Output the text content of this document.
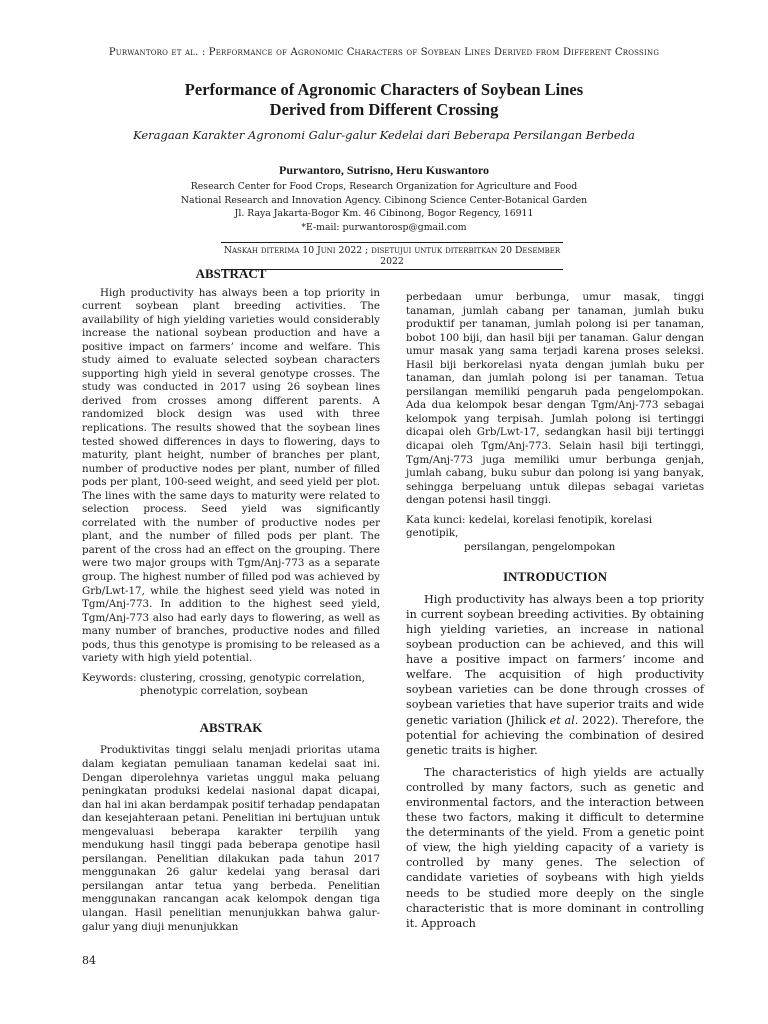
Purwantoro et al. : Performance of Agronomic Characters of Soybean Lines Derived from Different Crossing
Performance of Agronomic Characters of Soybean Lines
Derived from Different Crossing
Keragaan Karakter Agronomi Galur-galur Kedelai dari Beberapa Persilangan Berbeda
Purwantoro, Sutrisno, Heru Kuswantoro
Research Center for Food Crops, Research Organization for Agriculture and Food
National Research and Innovation Agency. Cibinong Science Center-Botanical Garden
Jl. Raya Jakarta-Bogor Km. 46 Cibinong, Bogor Regency, 16911
*E-mail: purwantorosp@gmail.com
Naskah diterima 10 Juni 2022 ; disetujui untuk diterbitkan 20 Desember 2022
ABSTRACT

High productivity has always been a top priority in current soybean plant breeding activities. The availability of high yielding varieties would considerably increase the national soybean production and have a positive impact on farmers’ income and welfare. This study aimed to evaluate selected soybean characters supporting high yield in several genotype crosses. The study was conducted in 2017 using 26 soybean lines derived from crosses among different parents. A randomized block design was used with three replications. The results showed that the soybean lines tested showed differences in days to flowering, days to maturity, plant height, number of branches per plant, number of productive nodes per plant, number of filled pods per plant, 100-seed weight, and seed yield per plot. The lines with the same days to maturity were related to selection process. Seed yield was significantly correlated with the number of productive nodes per plant, and the number of filled pods per plant. The parent of the cross had an effect on the grouping. There were two major groups with Tgm/Anj-773 as a separate group. The highest number of filled pod was achieved by Grb/Lwt-17, while the highest seed yield was noted in Tgm/Anj-773. In addition to the highest seed yield, Tgm/Anj-773 also had early days to flowering, as well as many number of branches, productive nodes and filled pods, thus this genotype is promising to be released as a variety with high yield potential.

Keywords: clustering, crossing, genotypic correlation,
phenotypic correlation, soybean
ABSTRAK

Produktivitas tinggi selalu menjadi prioritas utama dalam kegiatan pemuliaan tanaman kedelai saat ini. Dengan diperolehnya varietas unggul maka peluang peningkatan produksi kedelai nasional dapat dicapai, dan hal ini akan berdampak positif terhadap pendapatan dan kesejahteraan petani. Penelitian ini bertujuan untuk mengevaluasi beberapa karakter terpilih yang mendukung hasil tinggi pada beberapa genotipe hasil persilangan. Penelitian dilakukan pada tahun 2017 menggunakan 26 galur kedelai yang berasal dari persilangan antar tetua yang berbeda. Penelitian menggunakan rancangan acak kelompok dengan tiga ulangan. Hasil penelitian menunjukkan bahwa galur-galur yang diuji menunjukkan

perbedaan umur berbunga, umur masak, tinggi tanaman, jumlah cabang per tanaman, jumlah buku produktif per tanaman, jumlah polong isi per tanaman, bobot 100 biji, dan hasil biji per tanaman. Galur dengan umur masak yang sama terjadi karena proses seleksi. Hasil biji berkorelasi nyata dengan jumlah buku per tanaman, dan jumlah polong isi per tanaman. Tetua persilangan memiliki pengaruh pada pengelompokan. Ada dua kelompok besar dengan Tgm/Anj-773 sebagai kelompok yang terpisah. Jumlah polong isi tertinggi dicapai oleh Grb/Lwt-17, sedangkan hasil biji tertinggi dicapai oleh Tgm/Anj-773. Selain hasil biji tertinggi, Tgm/Anj-773 juga memiliki umur berbunga genjah, jumlah cabang, buku subur dan polong isi yang banyak, sehingga berpeluang untuk dilepas sebagai varietas dengan potensi hasil tinggi.

Kata kunci: kedelai, korelasi fenotipik, korelasi genotipik,
persilangan, pengelompokan
INTRODUCTION

High productivity has always been a top priority in current soybean breeding activities. By obtaining high yielding varieties, an increase in national soybean production can be achieved, and this will have a positive impact on farmers’ income and welfare. The acquisition of high productivity soybean varieties can be done through crosses of soybean varieties that have superior traits and wide genetic variation (Jhilick et al. 2022). Therefore, the potential for achieving the combination of desired genetic traits is higher.

The characteristics of high yields are actually controlled by many factors, such as genetic and environmental factors, and the interaction between these two factors, making it difficult to determine the determinants of the yield. From a genetic point of view, the high yielding capacity of a variety is controlled by many genes. The selection of candidate varieties of soybeans with high yields needs to be studied more deeply on the single characteristic that is more dominant in controlling it. Approach

84
